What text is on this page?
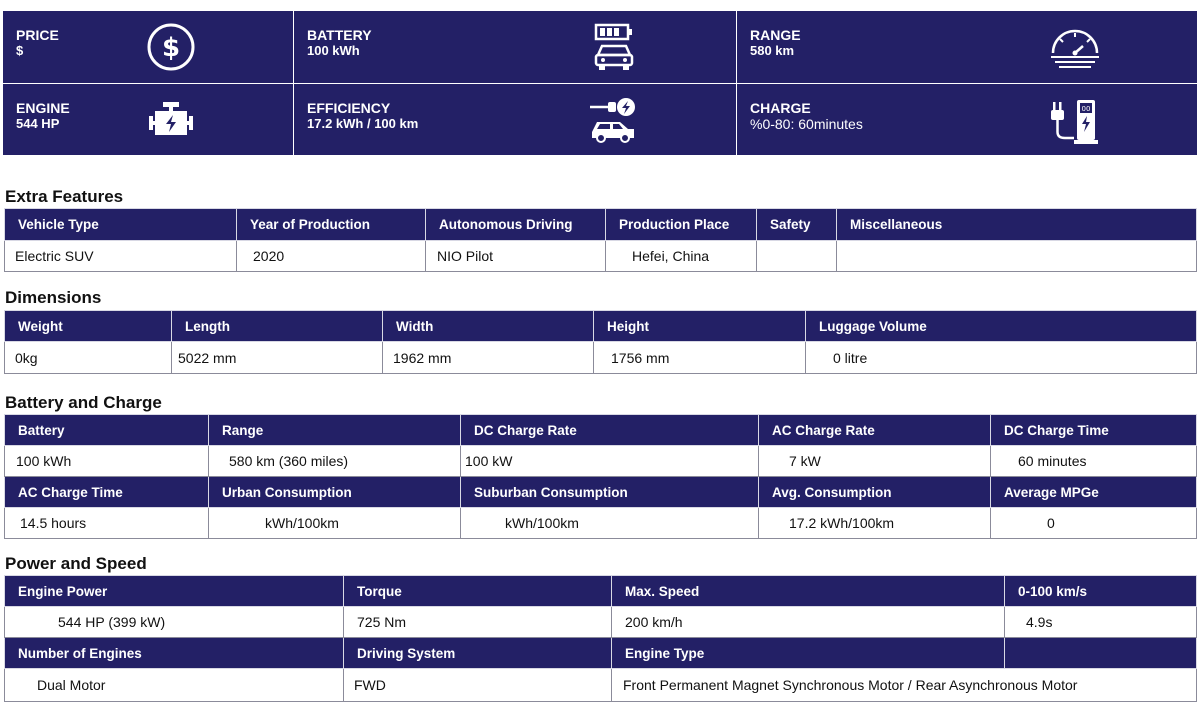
PRICE
$	$	BATTERY
100 kWh
RANGE
580 km
ENGINE
544 HP
EFFICIENCY
17.2 kWh / 100 km
CHARGE
%0-80: 60minutes
00
Extra Features
Vehicle Type	Year of Production	Autonomous Driving	Production Place	Safety	Miscellaneous
Electric SUV	2020	NIO Pilot	Hefei, China		
Dimensions
Weight	Length	Width	Height	Luggage Volume
0kg	5022 mm	1962 mm	1756 mm	0 litre
Battery and Charge
Battery	Range	DC Charge Rate	AC Charge Rate	DC Charge Time
100 kWh	580 km (360 miles)	100 kW	7 kW	60 minutes
AC Charge Time	Urban Consumption	Suburban Consumption	Avg. Consumption	Average MPGe
14.5 hours	kWh/100km	kWh/100km	17.2 kWh/100km	0
Power and Speed
Engine Power	Torque	Max. Speed	0-100 km/s
544 HP (399 kW)	725 Nm	200 km/h	4.9s
Number of Engines	Driving System	Engine Type	
Dual Motor	FWD	Front Permanent Magnet Synchronous Motor / Rear Asynchronous Motor	
